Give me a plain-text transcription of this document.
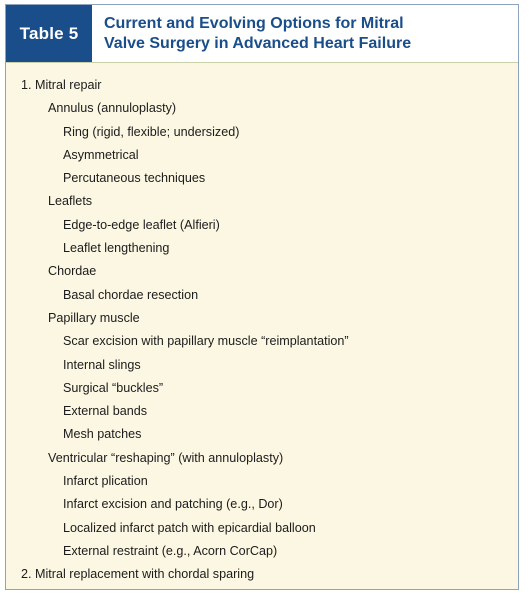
Table 5	Current and Evolving Options for Mitral
Valve Surgery in Advanced Heart Failure
1. Mitral repair
Annulus (annuloplasty)
Ring (rigid, flexible; undersized)
Asymmetrical
Percutaneous techniques
Leaflets
Edge-to-edge leaflet (Alfieri)
Leaflet lengthening
Chordae
Basal chordae resection
Papillary muscle
Scar excision with papillary muscle “reimplantation”
Internal slings
Surgical “buckles”
External bands
Mesh patches
Ventricular “reshaping” (with annuloplasty)
Infarct plication
Infarct excision and patching (e.g., Dor)
Localized infarct patch with epicardial balloon
External restraint (e.g., Acorn CorCap)
2. Mitral replacement with chordal sparing
